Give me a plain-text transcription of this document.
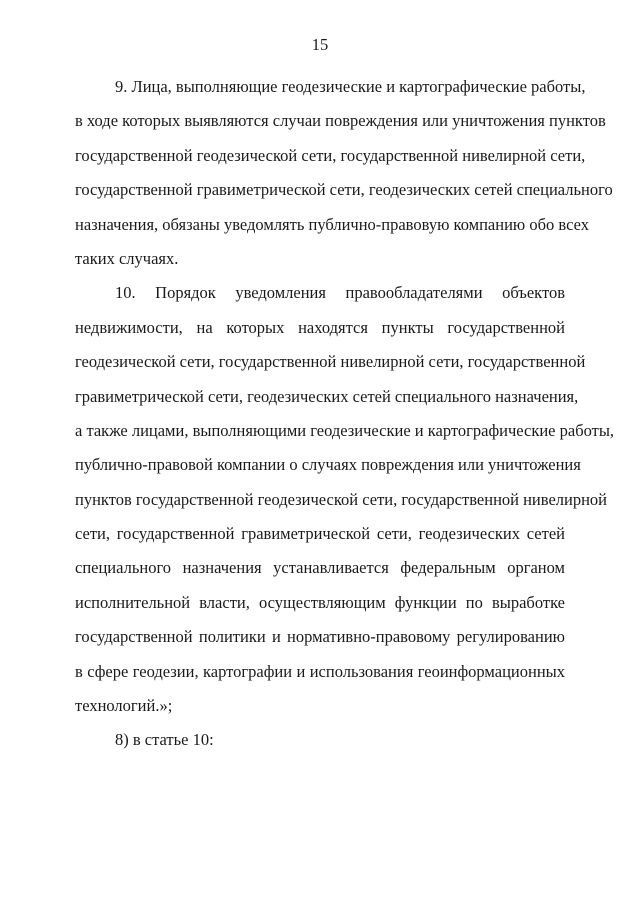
15
9. Лица, выполняющие геодезические и картографические работы,
в ходе которых выявляются случаи повреждения или уничтожения пунктов
государственной геодезической сети, государственной нивелирной сети,
государственной гравиметрической сети, геодезических сетей специального
назначения, обязаны уведомлять публично-правовую компанию обо всех
таких случаях.
10. Порядок уведомления правообладателями объектов
недвижимости, на которых находятся пункты государственной
геодезической сети, государственной нивелирной сети, государственной
гравиметрической сети, геодезических сетей специального назначения,
а также лицами, выполняющими геодезические и картографические работы,
публично-правовой компании о случаях повреждения или уничтожения
пунктов государственной геодезической сети, государственной нивелирной
сети, государственной гравиметрической сети, геодезических сетей
специального назначения устанавливается федеральным органом
исполнительной власти, осуществляющим функции по выработке
государственной политики и нормативно-правовому регулированию
в сфере геодезии, картографии и использования геоинформационных
технологий.»;
8) в статье 10:
